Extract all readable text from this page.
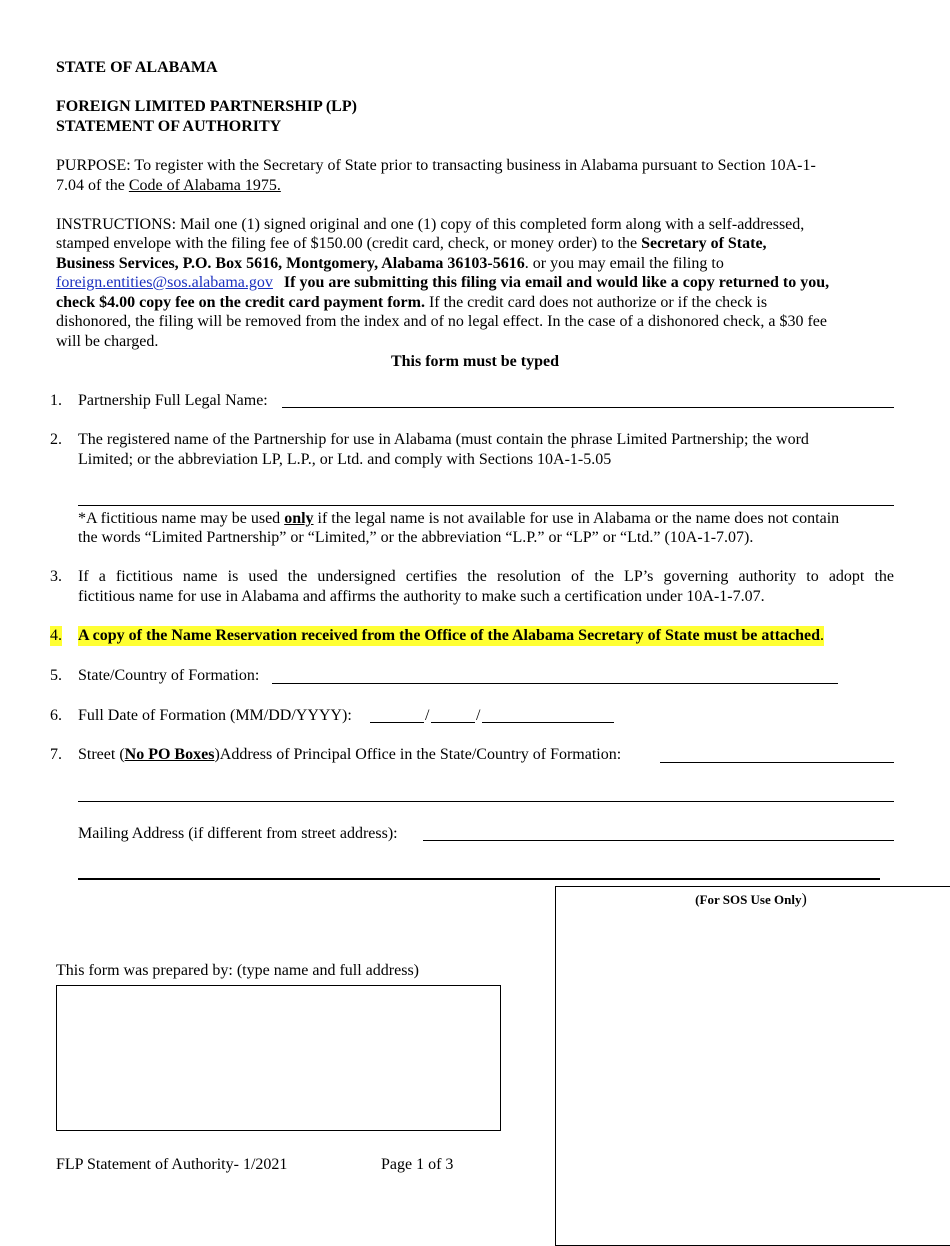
STATE OF ALABAMA
FOREIGN LIMITED PARTNERSHIP (LP)
STATEMENT OF AUTHORITY
PURPOSE: To register with the Secretary of State prior to transacting business in Alabama pursuant to Section 10A-1-
7.04 of the Code of Alabama 1975.
INSTRUCTIONS: Mail one (1) signed original and one (1) copy of this completed form along with a self-addressed,
stamped envelope with the filing fee of $150.00 (credit card, check, or money order) to the Secretary of State,
Business Services, P.O. Box 5616, Montgomery, Alabama 36103-5616. or you may email the filing to
foreign.entities@sos.alabama.gov If you are submitting this filing via email and would like a copy returned to you,
check $4.00 copy fee on the credit card payment form. If the credit card does not authorize or if the check is
dishonored, the filing will be removed from the index and of no legal effect. In the case of a dishonored check, a $30 fee
will be charged.
This form must be typed
1. Partnership Full Legal Name:
2. The registered name of the Partnership for use in Alabama (must contain the phrase Limited Partnership; the word
Limited; or the abbreviation LP, L.P., or Ltd. and comply with Sections 10A-1-5.05
*A fictitious name may be used only if the legal name is not available for use in Alabama or the name does not contain
the words “Limited Partnership” or “Limited,” or the abbreviation “L.P.” or “LP” or “Ltd.” (10A-1-7.07).
3. If a fictitious name is used the undersigned certifies the resolution of the LP’s governing authority to adopt the
fictitious name for use in Alabama and affirms the authority to make such a certification under 10A-1-7.07.
4. A copy of the Name Reservation received from the Office of the Alabama Secretary of State must be attached.
5. State/Country of Formation:
6. Full Date of Formation (MM/DD/YYYY):	/	/
7. Street (No PO Boxes)Address of Principal Office in the State/Country of Formation:
Mailing Address (if different from street address):
(For SOS Use Only)
This form was prepared by: (type name and full address)
FLP Statement of Authority- 1/2021	Page 1 of 3
